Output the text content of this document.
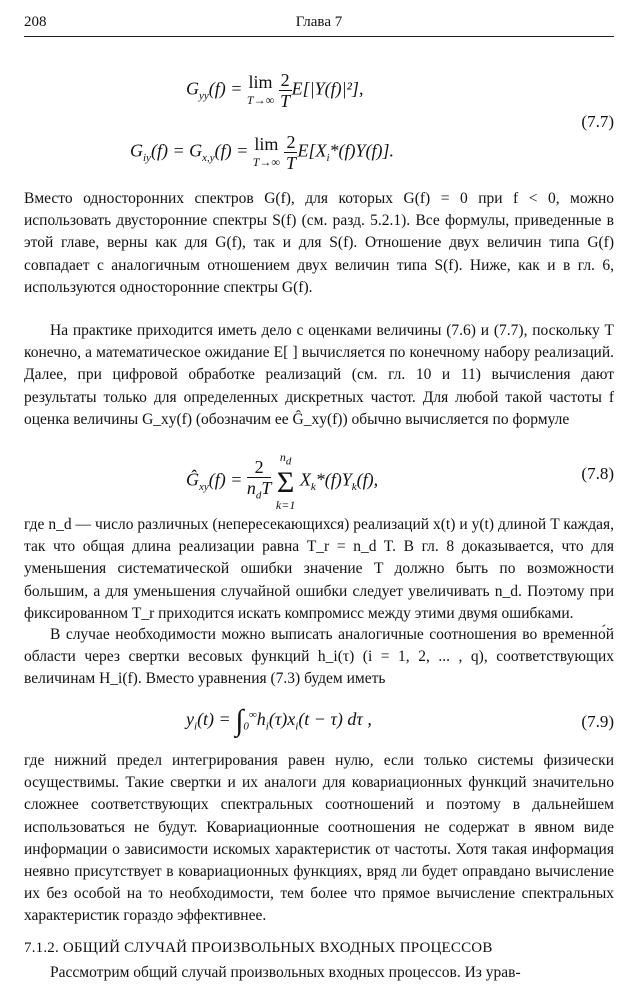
208	Глава 7
$G_{yy}(f) = \lim$
T→∞
$\frac{2}{T} E[|Y(f)|^2]$,
$G_{iy}(f) = G_{x,y}(f) = \lim$
T→∞
$\frac{2}{T} E[X_i*(f)Y(f)]$.
(7.7)
Вместо односторонних спектров G(f), для которых G(f) = 0 при f < 0, можно использовать двусторонние спектры S(f) (см. разд. 5.2.1). Все формулы, приведенные в этой главе, верны как для G(f), так и для S(f). Отношение двух величин типа G(f) совпадает с аналогичным отношением двух величин типа S(f). Ниже, как и в гл. 6, используются односторонние спектры G(f).
На практике приходится иметь дело с оценками величины (7.6) и (7.7), поскольку T конечно, а математическое ожидание E[ ] вычисляется по конечному набору реализаций. Далее, при цифровой обработке реализаций (см. гл. 10 и 11) вычисления дают результаты только для определенных дискретных частот. Для любой такой частоты f оценка величины G_xy(f) (обозначим ее Ĝ_xy(f)) обычно вычисляется по формуле
$Ĝ_{xy}(f) = \frac{2}{n_dT}$
$n_d$
Σ
k=1
$X_k*(f)Y_k(f)$,	(7.8)
где n_d — число различных (непересекающихся) реализаций x(t) и y(t) длиной T каждая, так что общая длина реализации равна T_r = n_d T. В гл. 8 доказывается, что для уменьшения систематической ошибки значение T должно быть по возможности большим, а для уменьшения случайной ошибки следует увеличивать n_d. Поэтому при фиксированном T_r приходится искать компромисс между этими двумя ошибками.
В случае необходимости можно выписать аналогичные соотношения во временно́й области через свертки весовых функций h_i(τ) (i = 1, 2, ... , q), соответствующих величинам H_i(f). Вместо уравнения (7.3) будем иметь
$y_i(t) = \int_0^\infty h_i(\tau)x_i(t - \tau)$ dτ ,	(7.9)
где нижний предел интегрирования равен нулю, если только системы физически осуществимы. Такие свертки и их аналоги для ковариационных функций значительно сложнее соответствующих спектральных соотношений и поэтому в дальнейшем использоваться не будут. Ковариационные соотношения не содержат в явном виде информации о зависимости искомых характеристик от частоты. Хотя такая информация неявно присутствует в ковариационных функциях, вряд ли будет оправдано вычисление их без особой на то необходимости, тем более что прямое вычисление спектральных характеристик гораздо эффективнее.
7.1.2. ОБЩИЙ СЛУЧАЙ ПРОИЗВОЛЬНЫХ ВХОДНЫХ ПРОЦЕССОВ
Рассмотрим общий случай произвольных входных процессов. Из урав-
